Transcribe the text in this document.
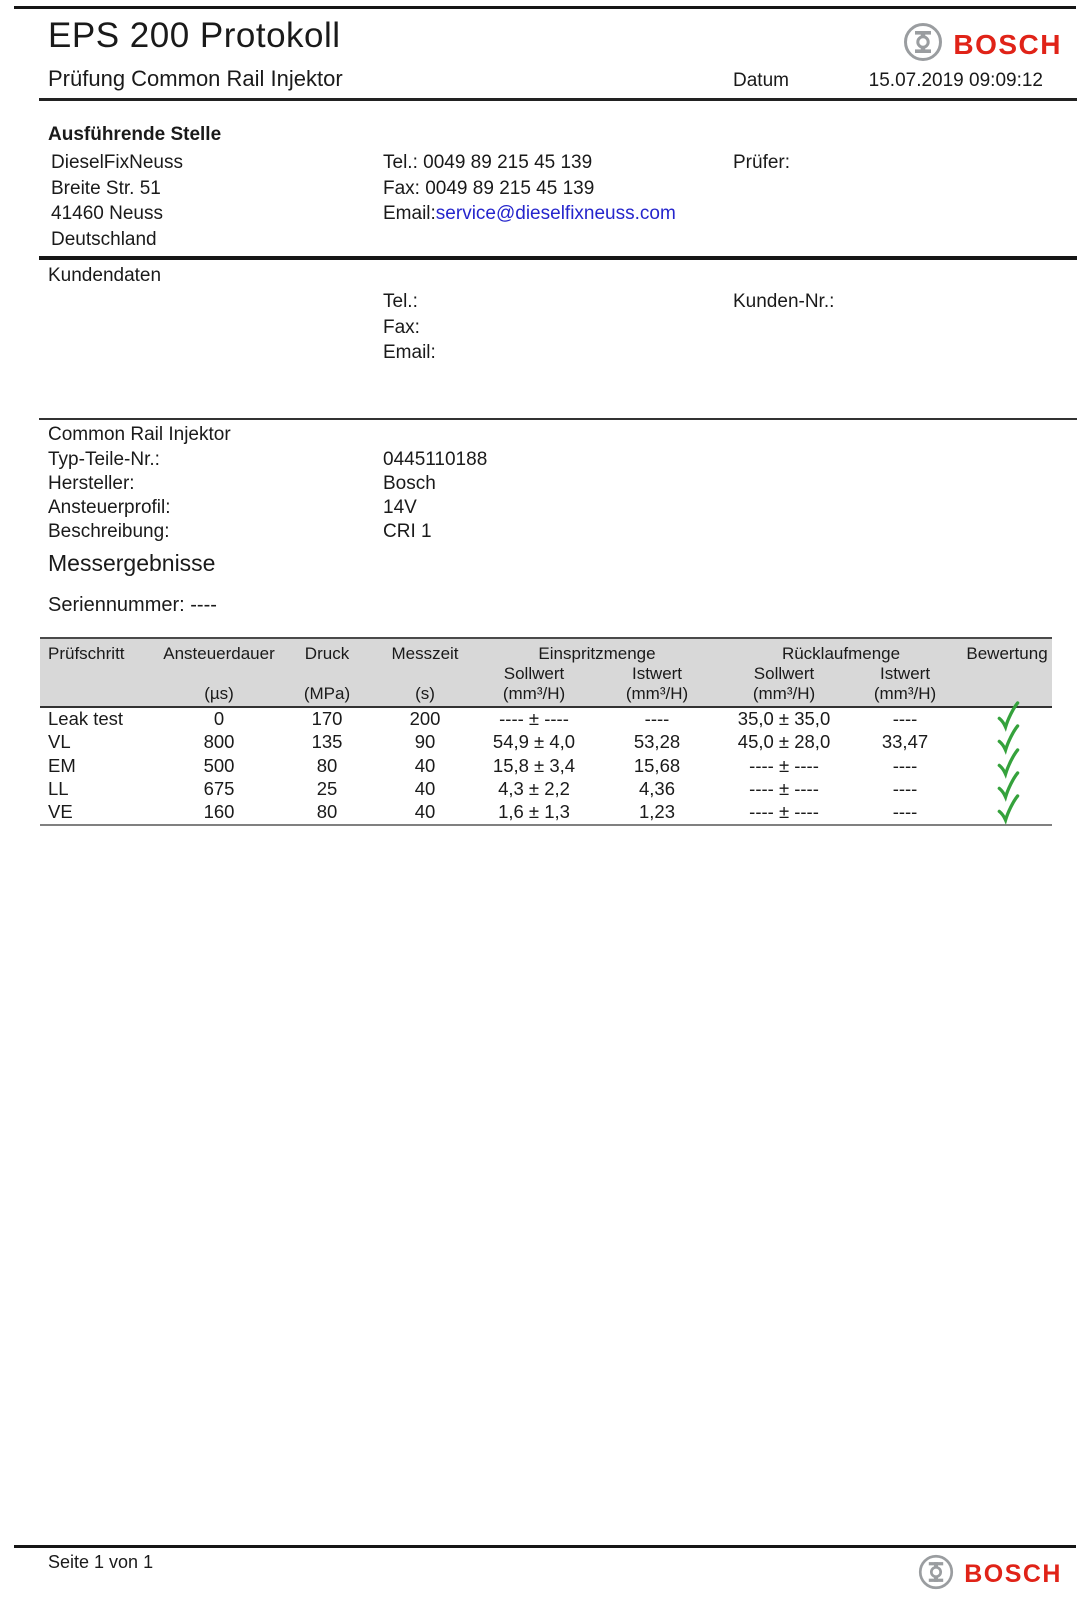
EPS 200 Protokoll	BOSCH
Prüfung Common Rail Injektor	Datum	15.07.2019 09:09:12
Ausführende Stelle
DieselFixNeuss
Breite Str. 51
41460 Neuss
Deutschland
Tel.: 0049 89 215 45 139
Fax: 0049 89 215 45 139
Email:service@dieselfixneuss.com
Prüfer:
Kundendaten
Tel.:
Fax:
Email:
Kunden-Nr.:
Common Rail Injektor
Typ-Teile-Nr.:	0445110188
Hersteller:	Bosch
Ansteuerprofil:	14V
Beschreibung:	CRI 1
Messergebnisse
Seriennummer: ----
Prüfschritt	Ansteuerdauer	Druck	Messzeit	Einspritzmenge		Rücklaufmenge		Bewertung
				Sollwert	Istwert	Sollwert	Istwert	
	(µs)	(MPa)	(s)	(mm³/H)	(mm³/H)	(mm³/H)	(mm³/H)	
Leak test	0	170	200	---- ± ----	----	35,0 ± 35,0	----	
VL	800	135	90	54,9 ± 4,0	53,28	45,0 ± 28,0	33,47	
EM	500	80	40	15,8 ± 3,4	15,68	---- ± ----	----	
LL	675	25	40	4,3 ± 2,2	4,36	---- ± ----	----	
VE	160	80	40	1,6 ± 1,3	1,23	---- ± ----	----	
Seite 1 von 1	BOSCH
